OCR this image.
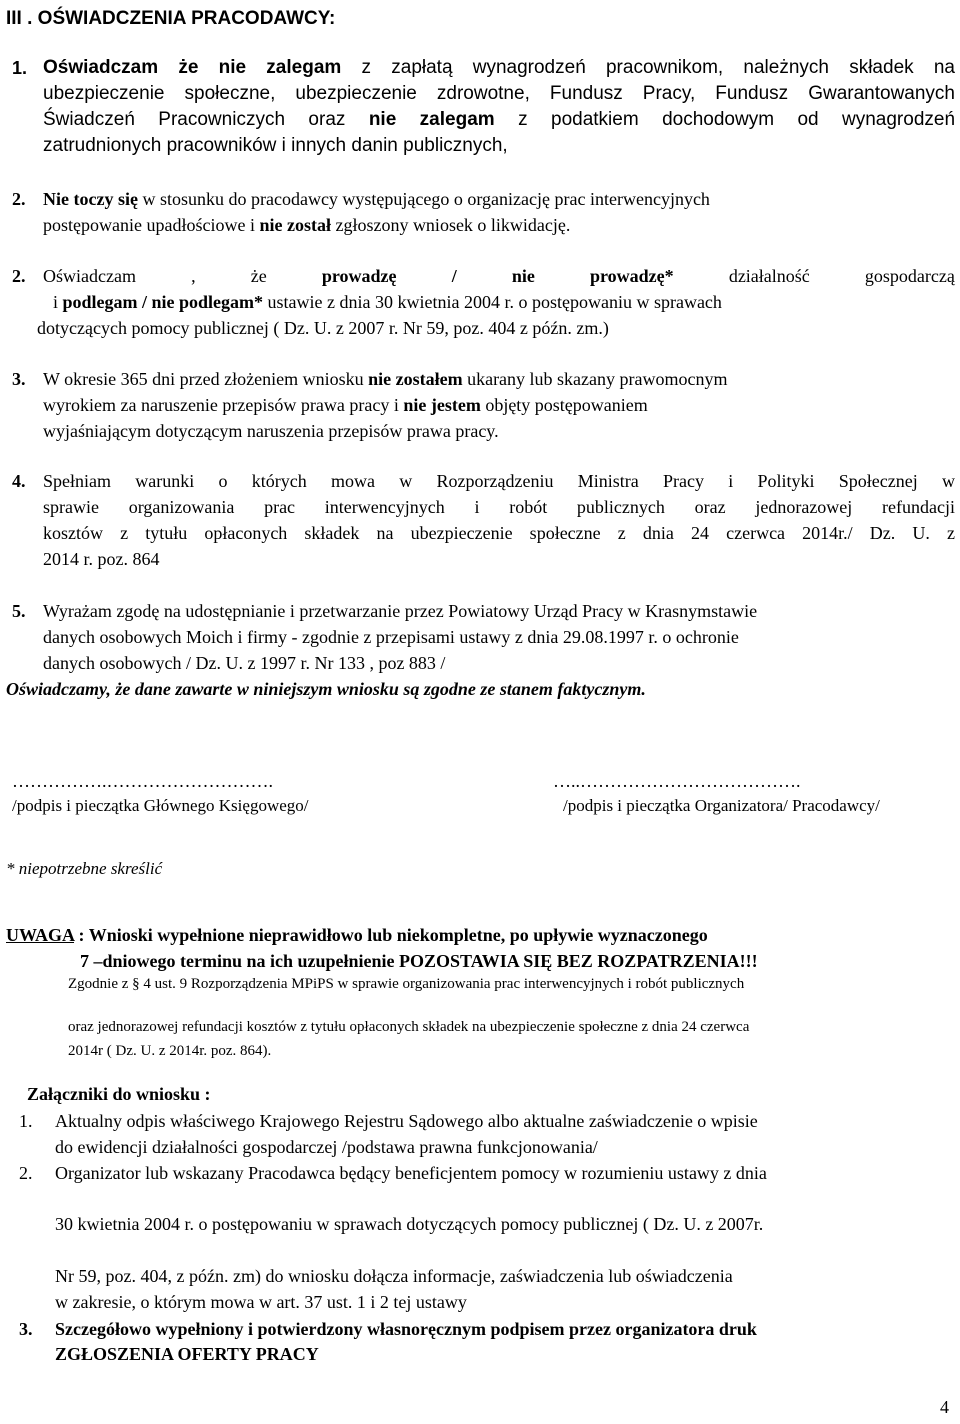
III . OŚWIADCZENIA PRACODAWCY:
1. Oświadczam że nie zalegam z zapłatą wynagrodzeń pracownikom, należnych składek na
ubezpieczenie społeczne, ubezpieczenie zdrowotne, Fundusz Pracy, Fundusz Gwarantowanych
Świadczeń Pracowniczych oraz nie zalegam z podatkiem dochodowym od wynagrodzeń
zatrudnionych pracowników i innych danin publicznych,
2. Nie toczy się w stosunku do pracodawcy występującego o organizację prac interwencyjnych
postępowanie upadłościowe i nie został zgłoszony wniosek o likwidację.
2. Oświadczam	,	że	prowadzę	/	nie	prowadzę*	działalność	gospodarczą
i podlegam / nie podlegam* ustawie z dnia 30 kwietnia 2004 r. o postępowaniu w sprawach
dotyczących pomocy publicznej ( Dz. U. z 2007 r. Nr 59, poz. 404 z późn. zm.)
3. W okresie 365 dni przed złożeniem wniosku nie zostałem ukarany lub skazany prawomocnym
wyrokiem za naruszenie przepisów prawa pracy i nie jestem objęty postępowaniem
wyjaśniającym dotyczącym naruszenia przepisów prawa pracy.
4. Spełniam warunki o których mowa w Rozporządzeniu Ministra Pracy i Polityki Społecznej w
sprawie organizowania prac interwencyjnych i robót publicznych oraz jednorazowej refundacji
kosztów z tytułu opłaconych składek na ubezpieczenie społeczne z dnia 24 czerwca 2014r./ Dz. U. z
2014 r. poz. 864
5. Wyrażam zgodę na udostępnianie i przetwarzanie przez Powiatowy Urząd Pracy w Krasnymstawie
danych osobowych Moich i firmy - zgodnie z przepisami ustawy z dnia 29.08.1997 r. o ochronie
danych osobowych / Dz. U. z 1997 r. Nr 133 , poz 883 /
Oświadczamy, że dane zawarte w niniejszym wniosku są zgodne ze stanem faktycznym.
…………….……………………….
/podpis i pieczątka Głównego Księgowego/
…..……………………………….
/podpis i pieczątka Organizatora/ Pracodawcy/
* niepotrzebne skreślić
UWAGA : Wnioski wypełnione nieprawidłowo lub niekompletne, po upływie wyznaczonego
7 –dniowego terminu na ich uzupełnienie POZOSTAWIA SIĘ BEZ ROZPATRZENIA!!!
Zgodnie z § 4 ust. 9 Rozporządzenia MPiPS w sprawie organizowania prac interwencyjnych i robót publicznych
oraz jednorazowej refundacji kosztów z tytułu opłaconych składek na ubezpieczenie społeczne z dnia 24 czerwca
2014r ( Dz. U. z 2014r. poz. 864).
Załączniki do wniosku :
1. Aktualny odpis właściwego Krajowego Rejestru Sądowego albo aktualne zaświadczenie o wpisie
do ewidencji działalności gospodarczej /podstawa prawna funkcjonowania/
2. Organizator lub wskazany Pracodawca będący beneficjentem pomocy w rozumieniu ustawy z dnia
30 kwietnia 2004 r. o postępowaniu w sprawach dotyczących pomocy publicznej ( Dz. U. z 2007r.
Nr 59, poz. 404, z późn. zm) do wniosku dołącza informacje, zaświadczenia lub oświadczenia
w zakresie, o którym mowa w art. 37 ust. 1 i 2 tej ustawy
3. Szczegółowo wypełniony i potwierdzony własnoręcznym podpisem przez organizatora druk
ZGŁOSZENIA OFERTY PRACY
4
